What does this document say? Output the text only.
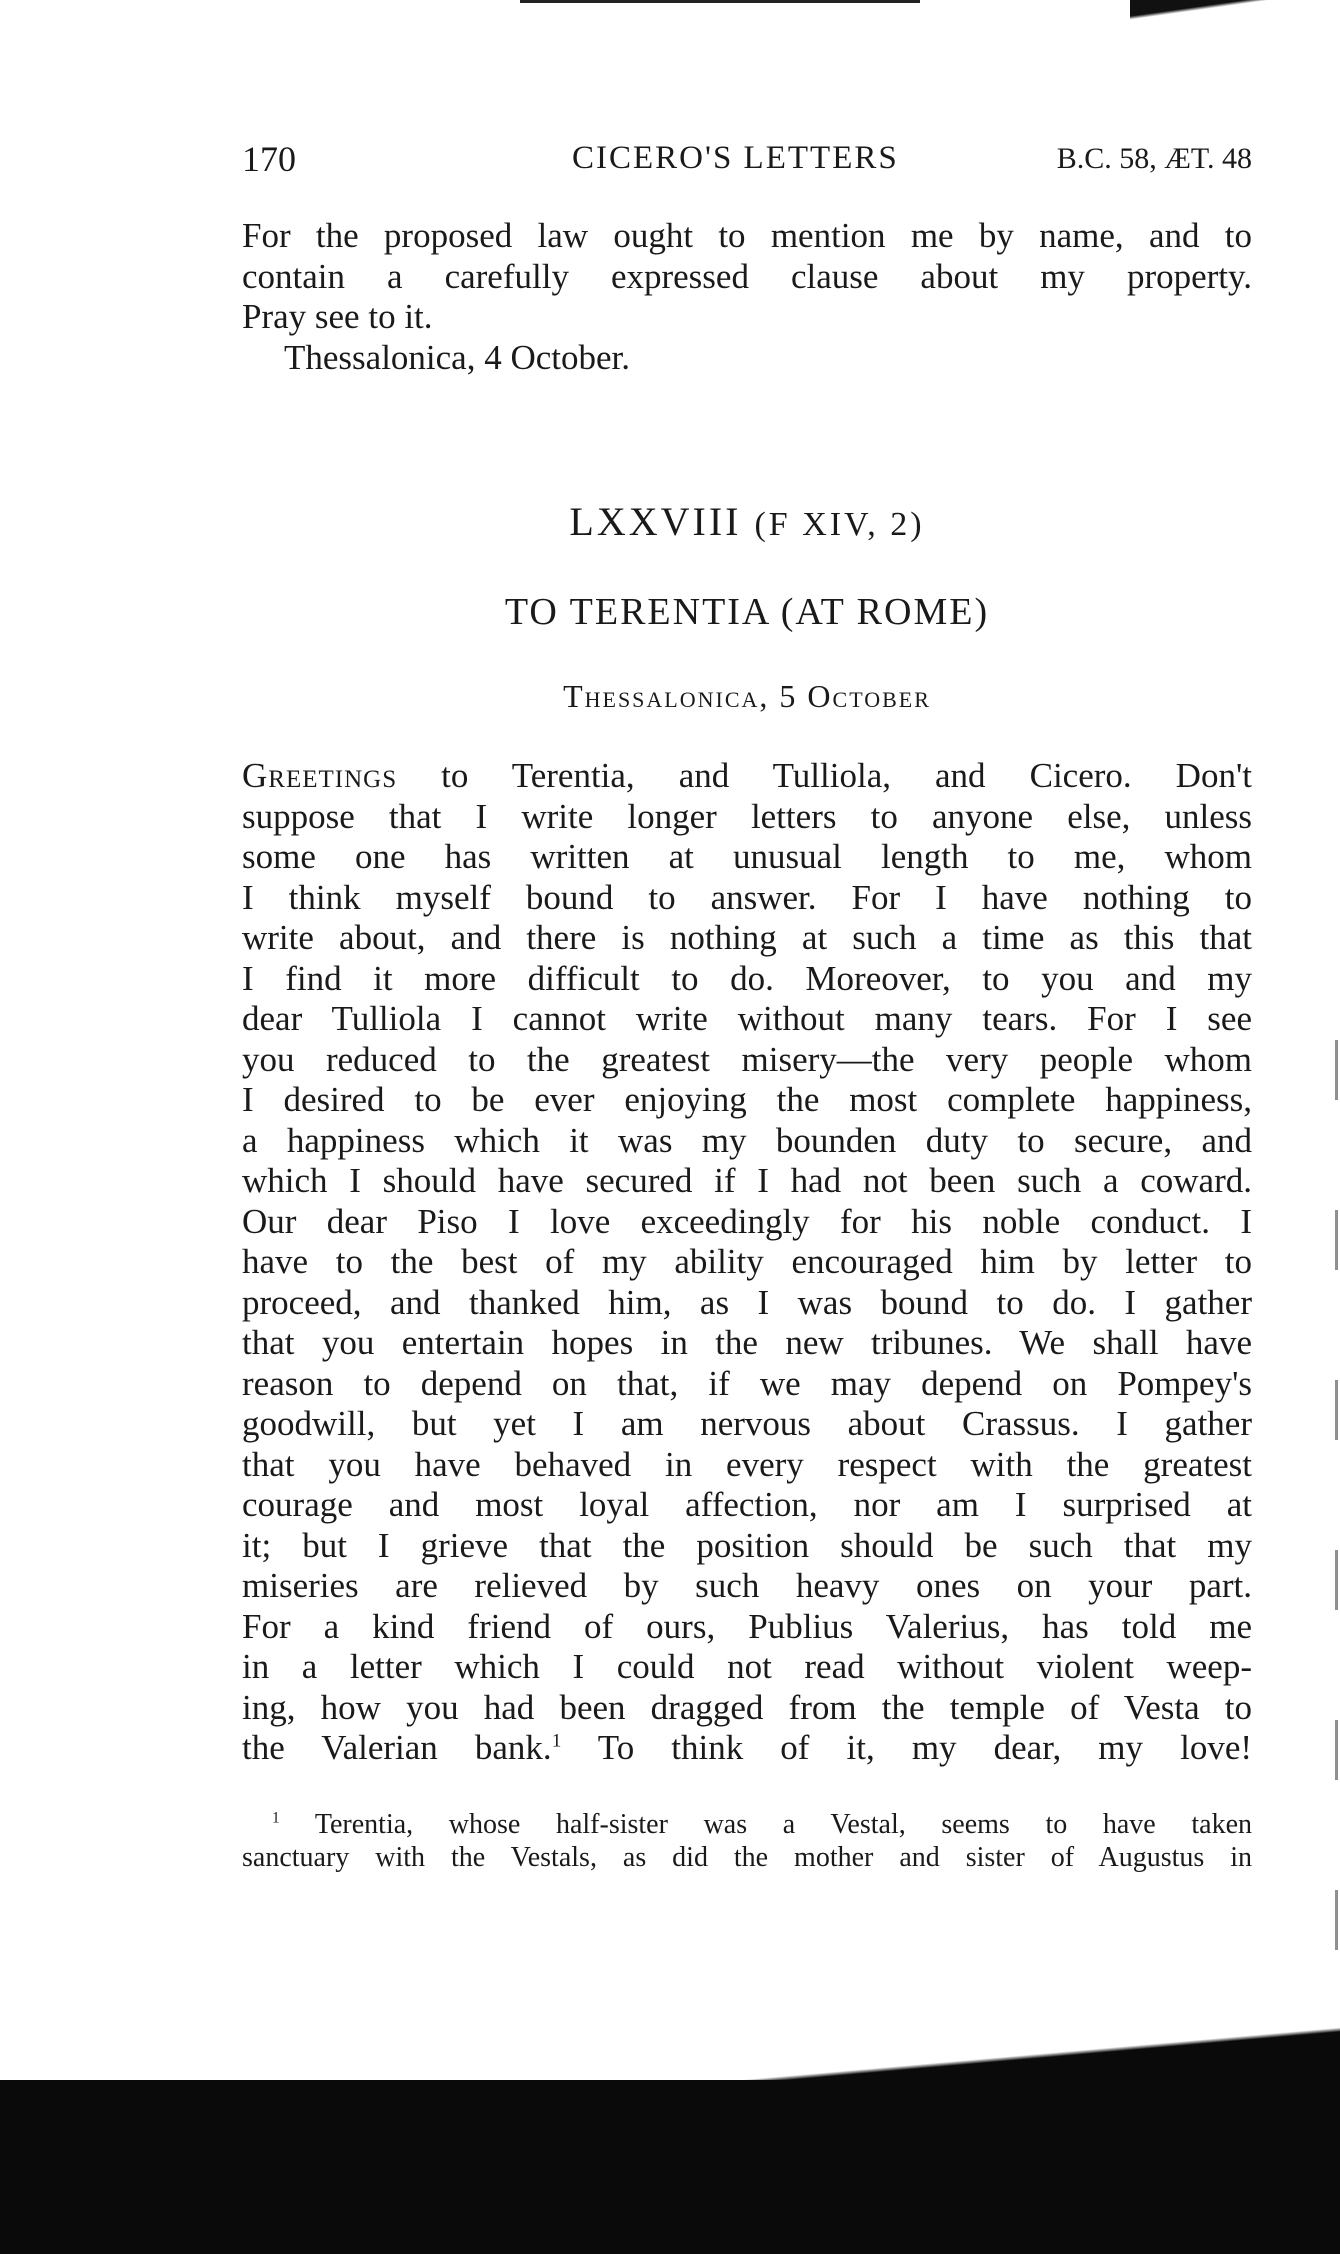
170	CICERO'S LETTERS	B.C. 58, ÆT. 48
For the proposed law ought to mention me by name, and to
contain a carefully expressed clause about my property.
Pray see to it.
Thessalonica, 4 October.
LXXVIII (F XIV, 2)
TO TERENTIA (AT ROME)
Thessalonica, 5 October
Greetings to Terentia, and Tulliola, and Cicero. Don't
suppose that I write longer letters to anyone else, unless
some one has written at unusual length to me, whom
I think myself bound to answer. For I have nothing to
write about, and there is nothing at such a time as this that
I find it more difficult to do. Moreover, to you and my
dear Tulliola I cannot write without many tears. For I see
you reduced to the greatest misery—the very people whom
I desired to be ever enjoying the most complete happiness,
a happiness which it was my bounden duty to secure, and
which I should have secured if I had not been such a coward.
Our dear Piso I love exceedingly for his noble conduct. I
have to the best of my ability encouraged him by letter to
proceed, and thanked him, as I was bound to do. I gather
that you entertain hopes in the new tribunes. We shall have
reason to depend on that, if we may depend on Pompey's
goodwill, but yet I am nervous about Crassus. I gather
that you have behaved in every respect with the greatest
courage and most loyal affection, nor am I surprised at
it; but I grieve that the position should be such that my
miseries are relieved by such heavy ones on your part.
For a kind friend of ours, Publius Valerius, has told me
in a letter which I could not read without violent weep-
ing, how you had been dragged from the temple of Vesta to
the Valerian bank.$^1$ To think of it, my dear, my love!
$^1$ Terentia, whose half-sister was a Vestal, seems to have taken
sanctuary with the Vestals, as did the mother and sister of Augustus in
